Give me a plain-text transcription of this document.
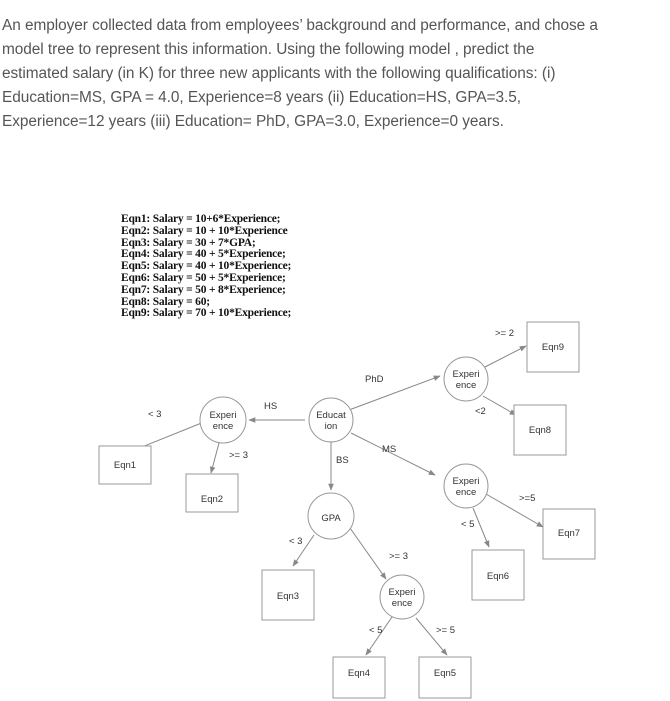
An employer collected data from employees’ background and performance, and chose a
model tree to represent this information. Using the following model , predict the
estimated salary (in K) for three new applicants with the following qualifications: (i)
Education=MS, GPA = 4.0, Experience=8 years (ii) Education=HS, GPA=3.5,
Experience=12 years (iii) Education= PhD, GPA=3.0, Experience=0 years.
Eqn1: Salary = 10+6*Experience;
Eqn2: Salary = 10 + 10*Experience
Eqn3: Salary = 30 + 7*GPA;
Eqn4: Salary = 40 + 5*Experience;
Eqn5: Salary = 40 + 10*Experience;
Eqn6: Salary = 50 + 5*Experience;
Eqn7: Salary = 50 + 8*Experience;
Eqn8: Salary = 60;
Eqn9: Salary = 70 + 10*Experience;
HS
PhD
MS
BS
< 3
>= 3
>= 2
<2
>=5
< 5
< 3
>= 3
< 5	>= 5
Educat
ion
Experi
ence
Experi
ence
Experi
ence
GPA
Experi
ence
Eqn1
Eqn2
Eqn3
Eqn4	Eqn5
Eqn6
Eqn7
Eqn8
Eqn9
